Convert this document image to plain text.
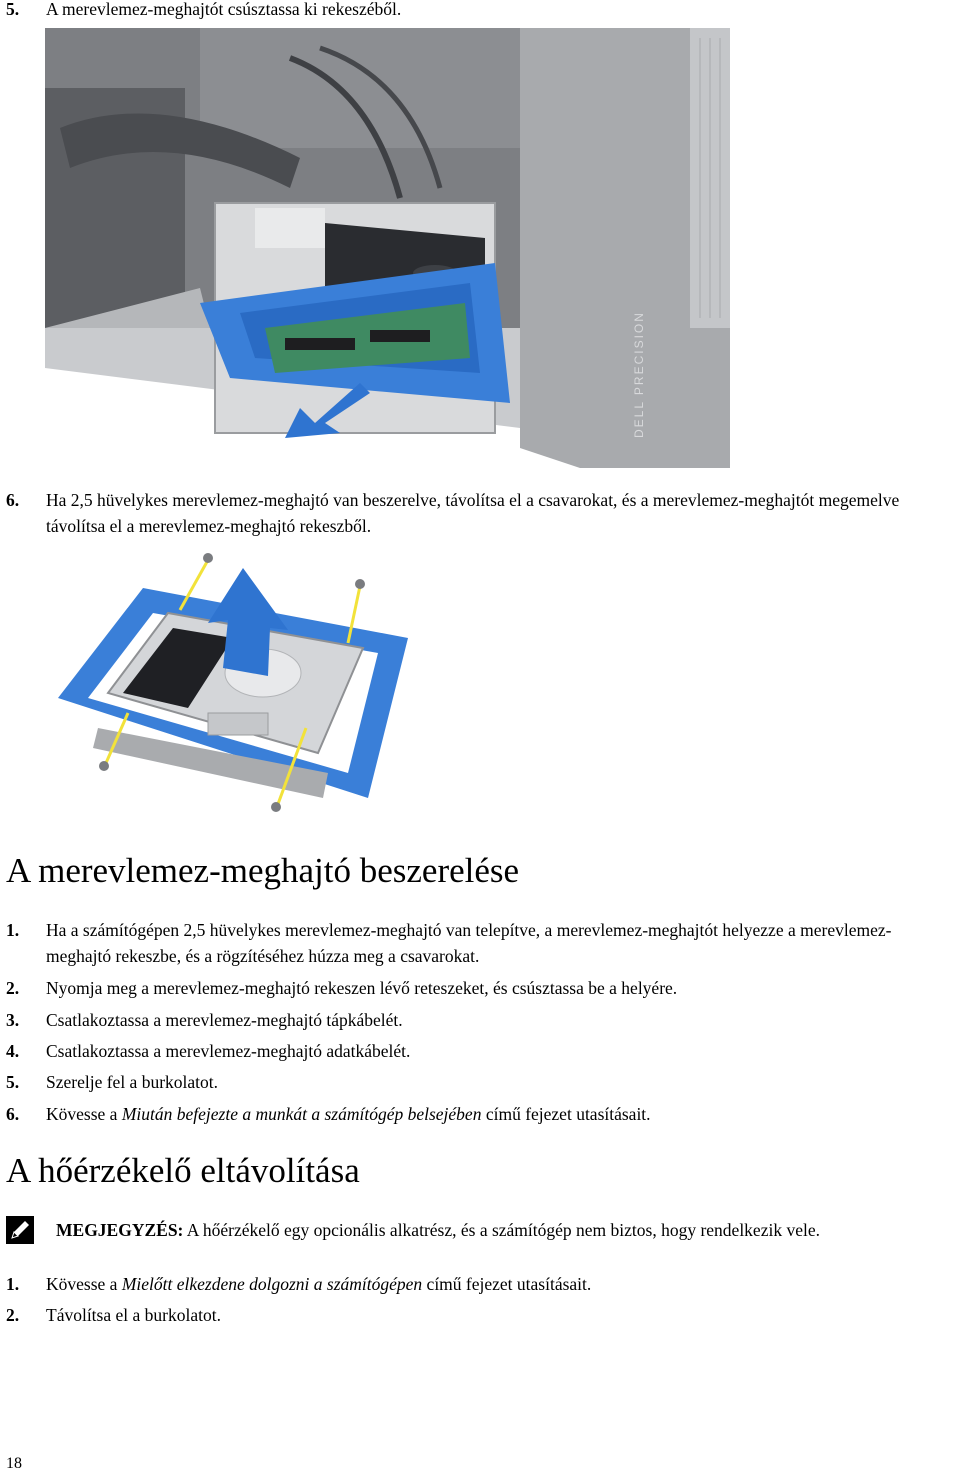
5. A merevlemez-meghajtót csúsztassa ki rekeszéből.
DELL PRECISION
6. Ha 2,5 hüvelykes merevlemez-meghajtó van beszerelve, távolítsa el a csavarokat, és a merevlemez-meghajtót megemelve távolítsa el a merevlemez-meghajtó rekeszből.
A merevlemez-meghajtó beszerelése
1. Ha a számítógépen 2,5 hüvelykes merevlemez-meghajtó van telepítve, a merevlemez-meghajtót helyezze a merevlemez-meghajtó rekeszbe, és a rögzítéséhez húzza meg a csavarokat.
2. Nyomja meg a merevlemez-meghajtó rekeszen lévő reteszeket, és csúsztassa be a helyére.
3. Csatlakoztassa a merevlemez-meghajtó tápkábelét.
4. Csatlakoztassa a merevlemez-meghajtó adatkábelét.
5. Szerelje fel a burkolatot.
6. Kövesse a Miután befejezte a munkát a számítógép belsejében című fejezet utasításait.
A hőérzékelő eltávolítása
MEGJEGYZÉS: A hőérzékelő egy opcionális alkatrész, és a számítógép nem biztos, hogy rendelkezik vele.
1. Kövesse a Mielőtt elkezdene dolgozni a számítógépen című fejezet utasításait.
2. Távolítsa el a burkolatot.
18
